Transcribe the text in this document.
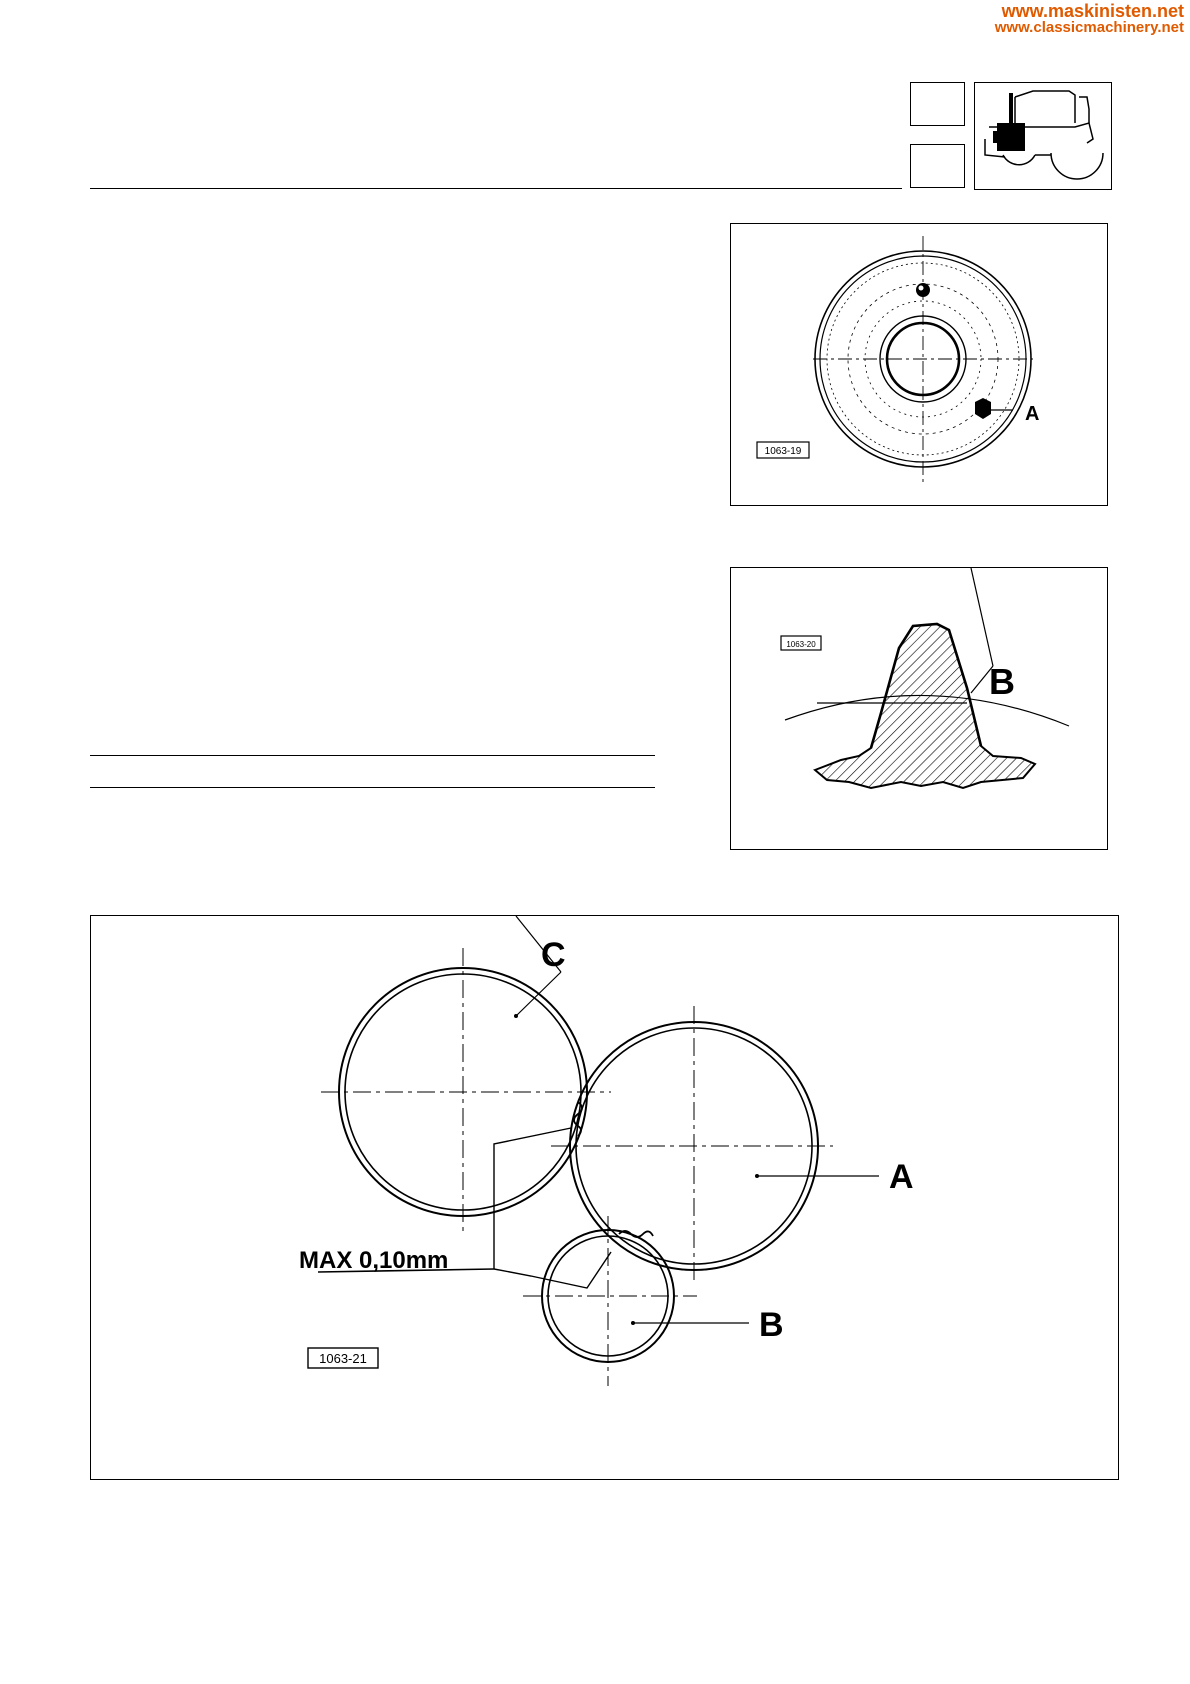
www.maskinisten.net
www.classicmachinery.net
A
1063-19
B
1063-20
C
A
B
MAX 0,10mm
1063-21
